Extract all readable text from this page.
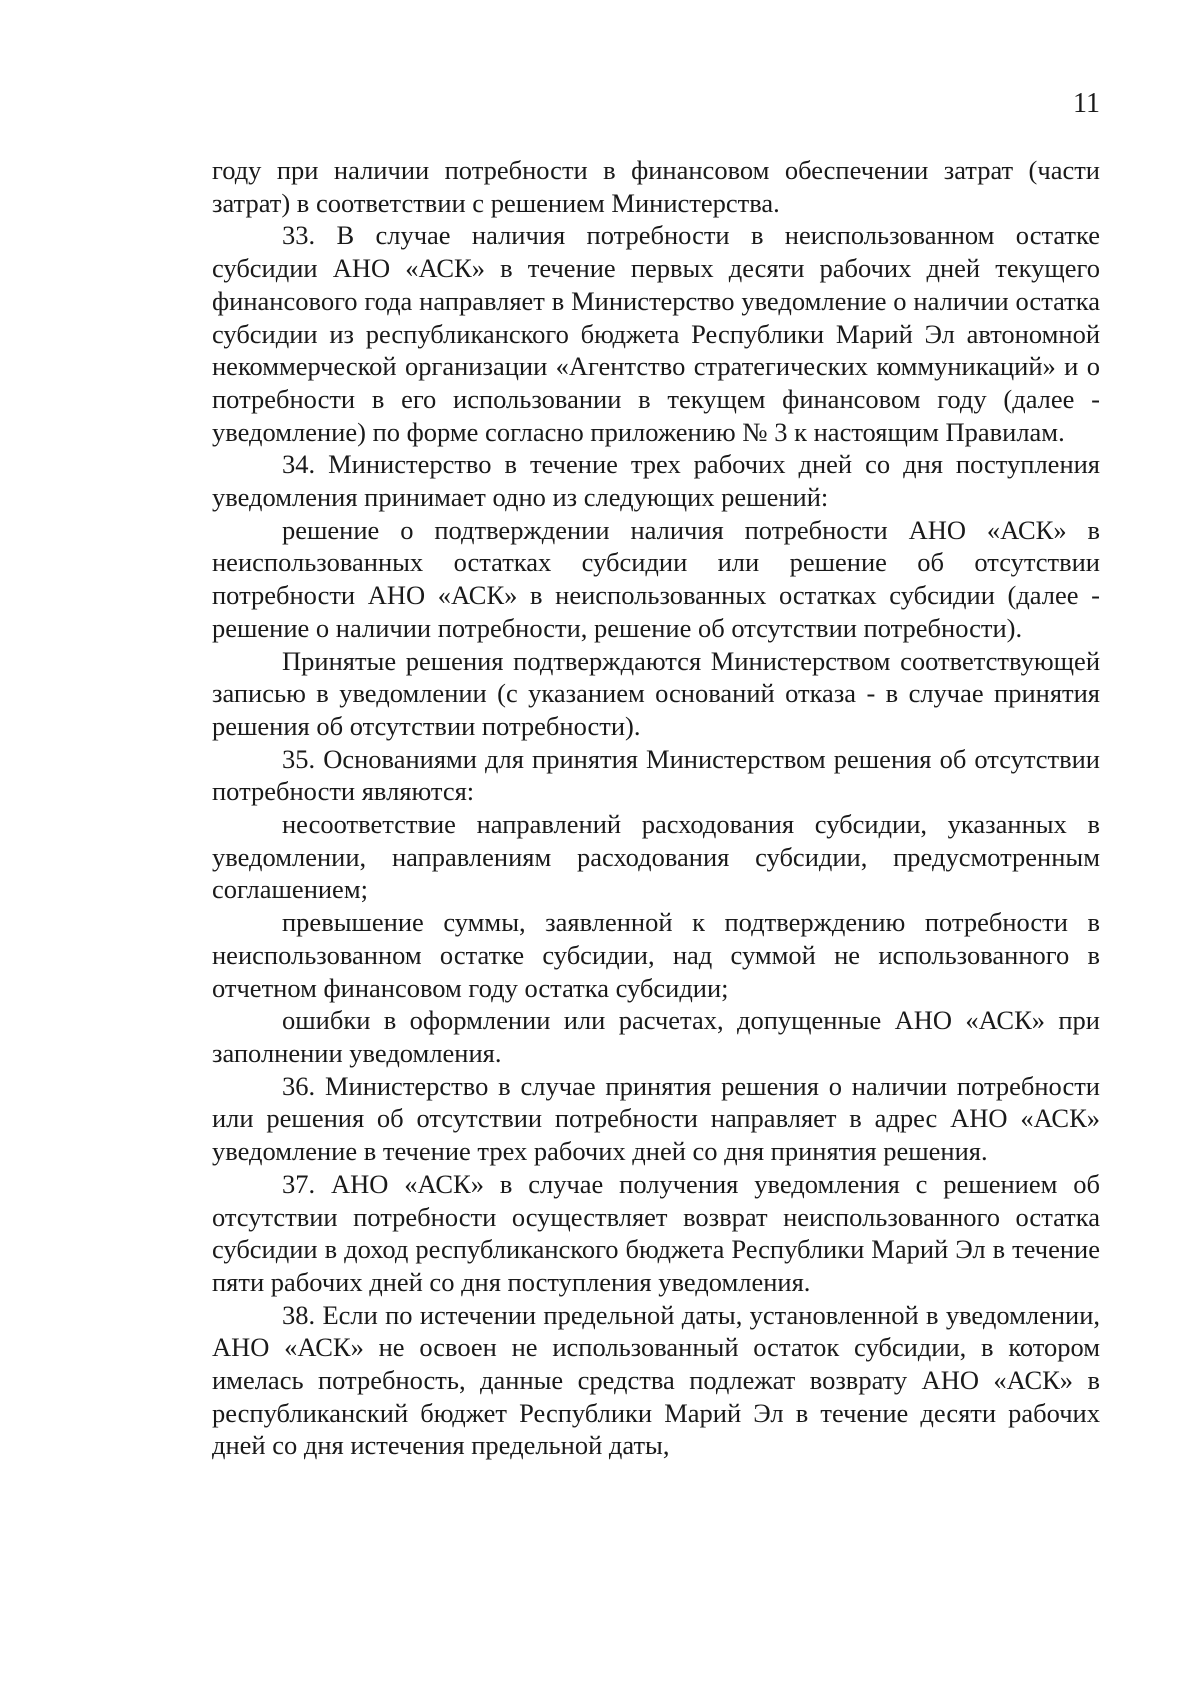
11

году при наличии потребности в финансовом обеспечении затрат (части затрат) в соответствии с решением Министерства.

33. В случае наличия потребности в неиспользованном остатке субсидии АНО «АСК» в течение первых десяти рабочих дней текущего финансового года направляет в Министерство уведомление о наличии остатка субсидии из республиканского бюджета Республики Марий Эл автономной некоммерческой организации «Агентство стратегических коммуникаций» и о потребности в его использовании в текущем финансовом году (далее - уведомление) по форме согласно приложению № 3 к настоящим Правилам.

34. Министерство в течение трех рабочих дней со дня поступления уведомления принимает одно из следующих решений:

решение о подтверждении наличия потребности АНО «АСК» в неиспользованных остатках субсидии или решение об отсутствии потребности АНО «АСК» в неиспользованных остатках субсидии (далее - решение о наличии потребности, решение об отсутствии потребности).

Принятые решения подтверждаются Министерством соответствующей записью в уведомлении (с указанием оснований отказа - в случае принятия решения об отсутствии потребности).

35. Основаниями для принятия Министерством решения об отсутствии потребности являются:

несоответствие направлений расходования субсидии, указанных в уведомлении, направлениям расходования субсидии, предусмотренным соглашением;

превышение суммы, заявленной к подтверждению потребности в неиспользованном остатке субсидии, над суммой не использованного в отчетном финансовом году остатка субсидии;

ошибки в оформлении или расчетах, допущенные АНО «АСК» при заполнении уведомления.

36. Министерство в случае принятия решения о наличии потребности или решения об отсутствии потребности направляет в адрес АНО «АСК» уведомление в течение трех рабочих дней со дня принятия решения.

37. АНО «АСК» в случае получения уведомления с решением об отсутствии потребности осуществляет возврат неиспользованного остатка субсидии в доход республиканского бюджета Республики Марий Эл в течение пяти рабочих дней со дня поступления уведомления.

38. Если по истечении предельной даты, установленной в уведомлении, АНО «АСК» не освоен не использованный остаток субсидии, в котором имелась потребность, данные средства подлежат возврату АНО «АСК» в республиканский бюджет Республики Марий Эл в течение десяти рабочих дней со дня истечения предельной даты,
